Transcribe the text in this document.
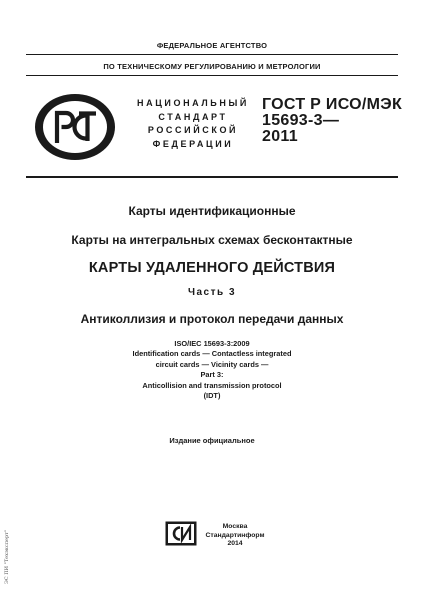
ФЕДЕРАЛЬНОЕ АГЕНТСТВО
ПО ТЕХНИЧЕСКОМУ РЕГУЛИРОВАНИЮ И МЕТРОЛОГИИ
НАЦИОНАЛЬНЫЙ
СТАНДАРТ
РОССИЙСКОЙ
ФЕДЕРАЦИИ
ГОСТ Р ИСО/МЭК
15693-3—
2011
Карты идентификационные
Карты на интегральных схемах бесконтактные
КАРТЫ УДАЛЕННОГО ДЕЙСТВИЯ
Часть 3
Антиколлизия и протокол передачи данных
ISO/IEC 15693-3:2009
Identification cards — Contactless integrated
circuit cards — Vicinity cards —
Part 3:
Anticollision and transmission protocol
(IDT)
Издание официальное
Москва
Стандартинформ
2014
ЭС ПИ "Техэксперт"
